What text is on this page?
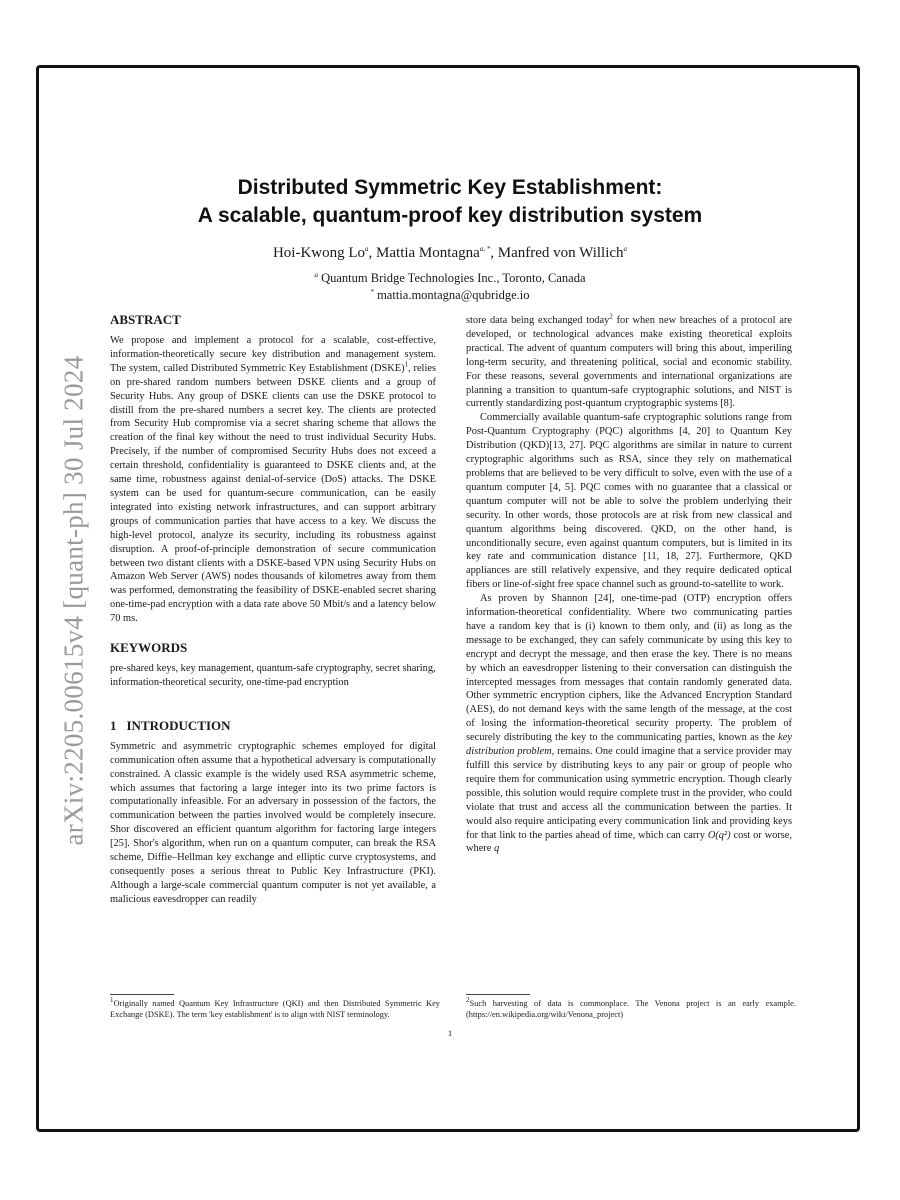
arXiv:2205.00615v4 [quant-ph] 30 Jul 2024
Distributed Symmetric Key Establishment:
A scalable, quantum-proof key distribution system
Hoi-Kwong Lo$^a$, Mattia Montagna$^{a, *}$, Manfred von Willich$^a$
$^a$ Quantum Bridge Technologies Inc., Toronto, Canada
* mattia.montagna@qubridge.io
ABSTRACT

We propose and implement a protocol for a scalable, cost-effective, information-theoretically secure key distribution and management system. The system, called Distributed Symmetric Key Establishment (DSKE)$^1$, relies on pre-shared random numbers between DSKE clients and a group of Security Hubs. Any group of DSKE clients can use the DSKE protocol to distill from the pre-shared numbers a secret key. The clients are protected from Security Hub compromise via a secret sharing scheme that allows the creation of the final key without the need to trust individual Security Hubs. Precisely, if the number of compromised Security Hubs does not exceed a certain threshold, confidentiality is guaranteed to DSKE clients and, at the same time, robustness against denial-of-service (DoS) attacks. The DSKE system can be used for quantum-secure communication, can be easily integrated into existing network infrastructures, and can support arbitrary groups of communication parties that have access to a key. We discuss the high-level protocol, analyze its security, including its robustness against disruption. A proof-of-principle demonstration of secure communication between two distant clients with a DSKE-based VPN using Security Hubs on Amazon Web Server (AWS) nodes thousands of kilometres away from them was performed, demonstrating the feasibility of DSKE-enabled secret sharing one-time-pad encryption with a data rate above 50 Mbit/s and a latency below 70 ms.

KEYWORDS

pre-shared keys, key management, quantum-safe cryptography, secret sharing, information-theoretical security, one-time-pad encryption

1 INTRODUCTION

Symmetric and asymmetric cryptographic schemes employed for digital communication often assume that a hypothetical adversary is computationally constrained. A classic example is the widely used RSA asymmetric scheme, which assumes that factoring a large integer into its two prime factors is computationally infeasible. For an adversary in possession of the factors, the communication between the parties involved would be completely insecure. Shor discovered an efficient quantum algorithm for factoring large integers [25]. Shor's algorithm, when run on a quantum computer, can break the RSA scheme, Diffie–Hellman key exchange and elliptic curve cryptosystems, and consequently poses a serious threat to Public Key Infrastructure (PKI). Although a large-scale commercial quantum computer is not yet available, a malicious eavesdropper can readily

store data being exchanged today$^2$ for when new breaches of a protocol are developed, or technological advances make existing theoretical exploits practical. The advent of quantum computers will bring this about, imperiling long-term security, and threatening political, social and economic stability. For these reasons, several governments and international organizations are planning a transition to quantum-safe cryptographic solutions, and NIST is currently standardizing post-quantum cryptographic systems [8].

Commercially available quantum-safe cryptographic solutions range from Post-Quantum Cryptography (PQC) algorithms [4, 20] to Quantum Key Distribution (QKD)[13, 27]. PQC algorithms are similar in nature to current cryptographic algorithms such as RSA, since they rely on mathematical problems that are believed to be very difficult to solve, even with the use of a quantum computer [4, 5]. PQC comes with no guarantee that a classical or quantum computer will not be able to solve the problem underlying their security. In other words, those protocols are at risk from new classical and quantum algorithms being discovered. QKD, on the other hand, is unconditionally secure, even against quantum computers, but is limited in its key rate and communication distance [11, 18, 27]. Furthermore, QKD appliances are still relatively expensive, and they require dedicated optical fibers or line-of-sight free space channel such as ground-to-satellite to work.

As proven by Shannon [24], one-time-pad (OTP) encryption offers information-theoretical confidentiality. Where two communicating parties have a random key that is (i) known to them only, and (ii) as long as the message to be exchanged, they can safely communicate by using this key to encrypt and decrypt the message, and then erase the key. There is no means by which an eavesdropper listening to their conversation can distinguish the intercepted messages from messages that contain randomly generated data. Other symmetric encryption ciphers, like the Advanced Encryption Standard (AES), do not demand keys with the same length of the message, at the cost of losing the information-theoretical security property. The problem of securely distributing the key to the communicating parties, known as the key distribution problem, remains. One could imagine that a service provider may fulfill this service by distributing keys to any pair or group of people who require them for communication using symmetric encryption. Though clearly possible, this solution would require complete trust in the provider, who could violate that trust and access all the communication between the parties. It would also require anticipating every communication link and providing keys for that link to the parties ahead of time, which can carry O(q²) cost or worse, where q

$^1$Originally named Quantum Key Infrastructure (QKI) and then Distributed Symmetric Key Exchange (DSKE). The term 'key establishment' is to align with NIST terminology.
$^2$Such harvesting of data is commonplace. The Venona project is an early example. (https://en.wikipedia.org/wiki/Venona_project)
1
